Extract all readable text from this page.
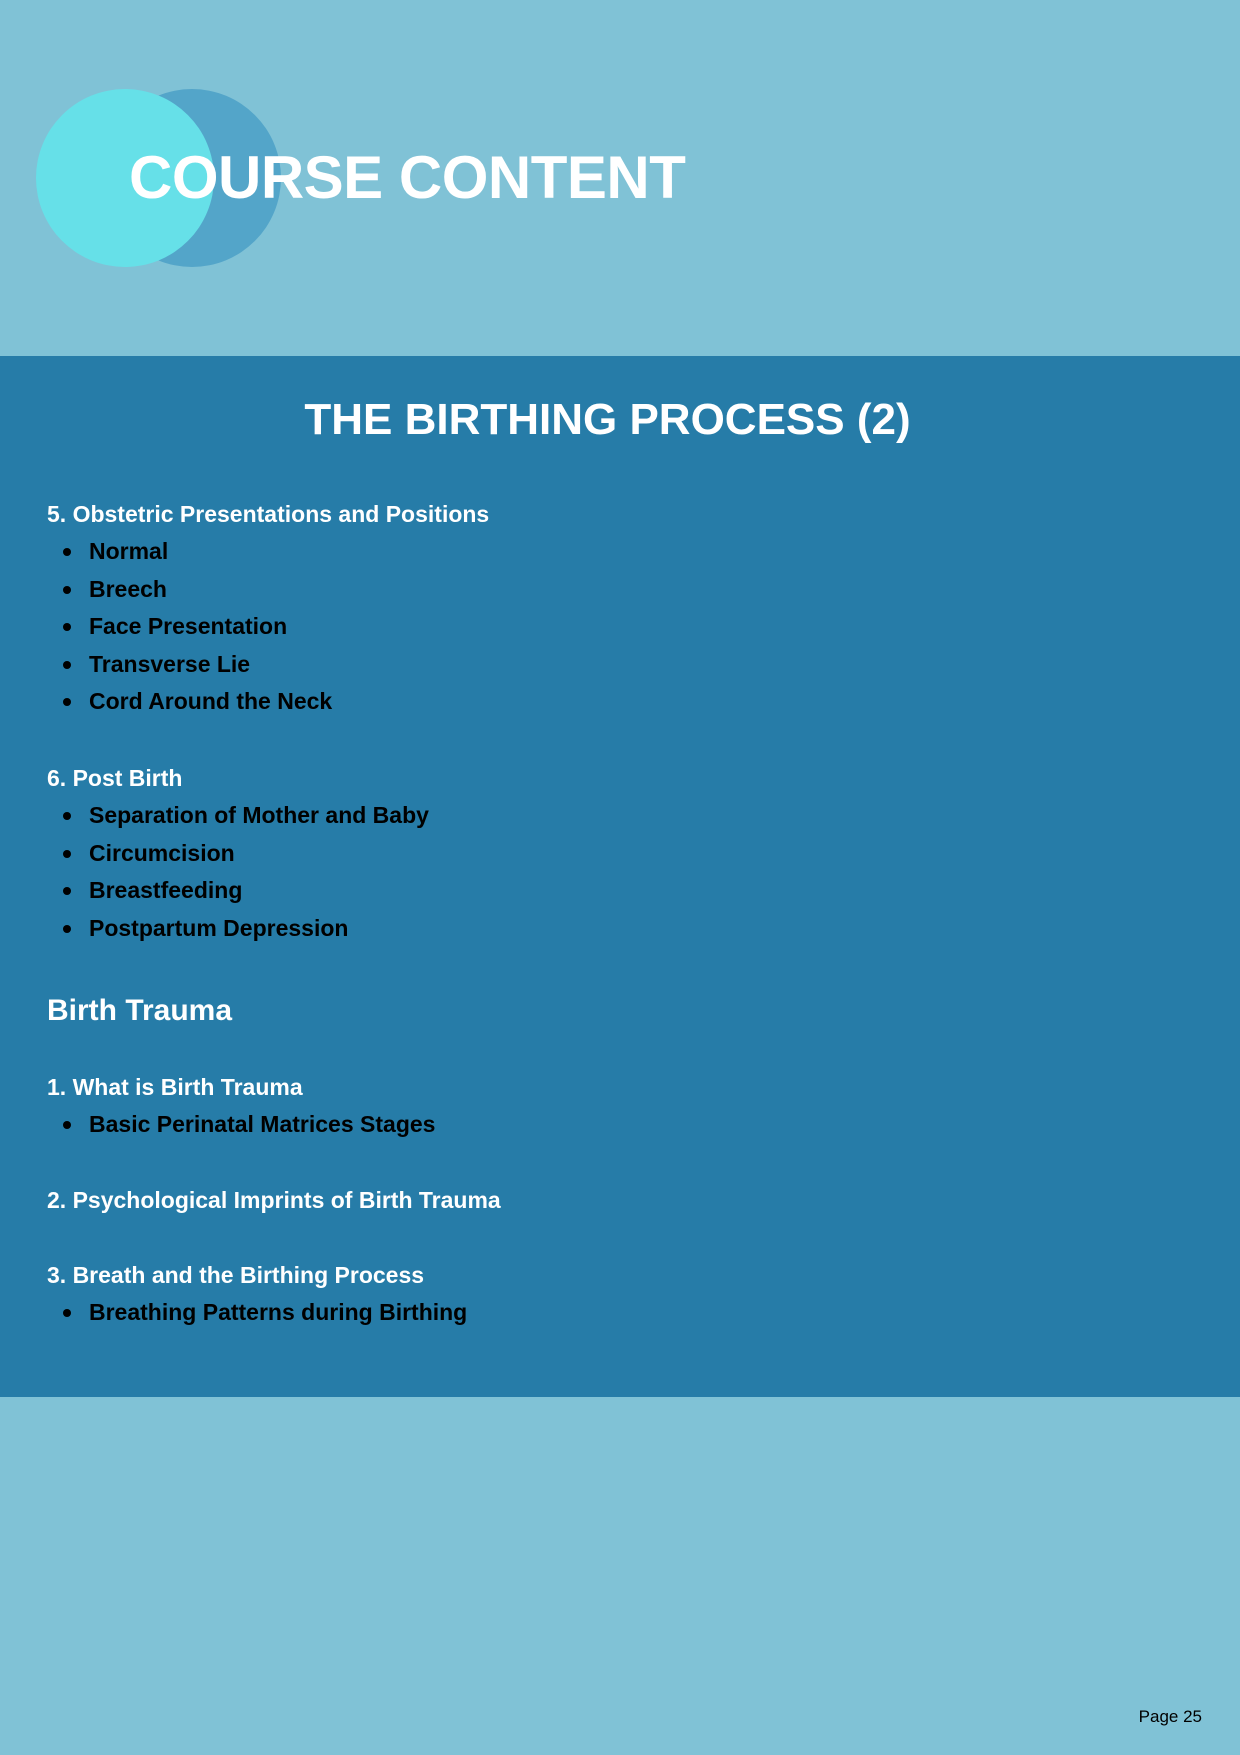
COURSE CONTENT
THE BIRTHING PROCESS (2)

5. Obstetric Presentations and Positions

Normal
Breech
Face Presentation
Transverse Lie
Cord Around the Neck

6. Post Birth

Separation of Mother and Baby
Circumcision
Breastfeeding
Postpartum Depression

Birth Trauma

1. What is Birth Trauma

Basic Perinatal Matrices Stages

2. Psychological Imprints of Birth Trauma

3. Breath and the Birthing Process

Breathing Patterns during Birthing
Page 25
